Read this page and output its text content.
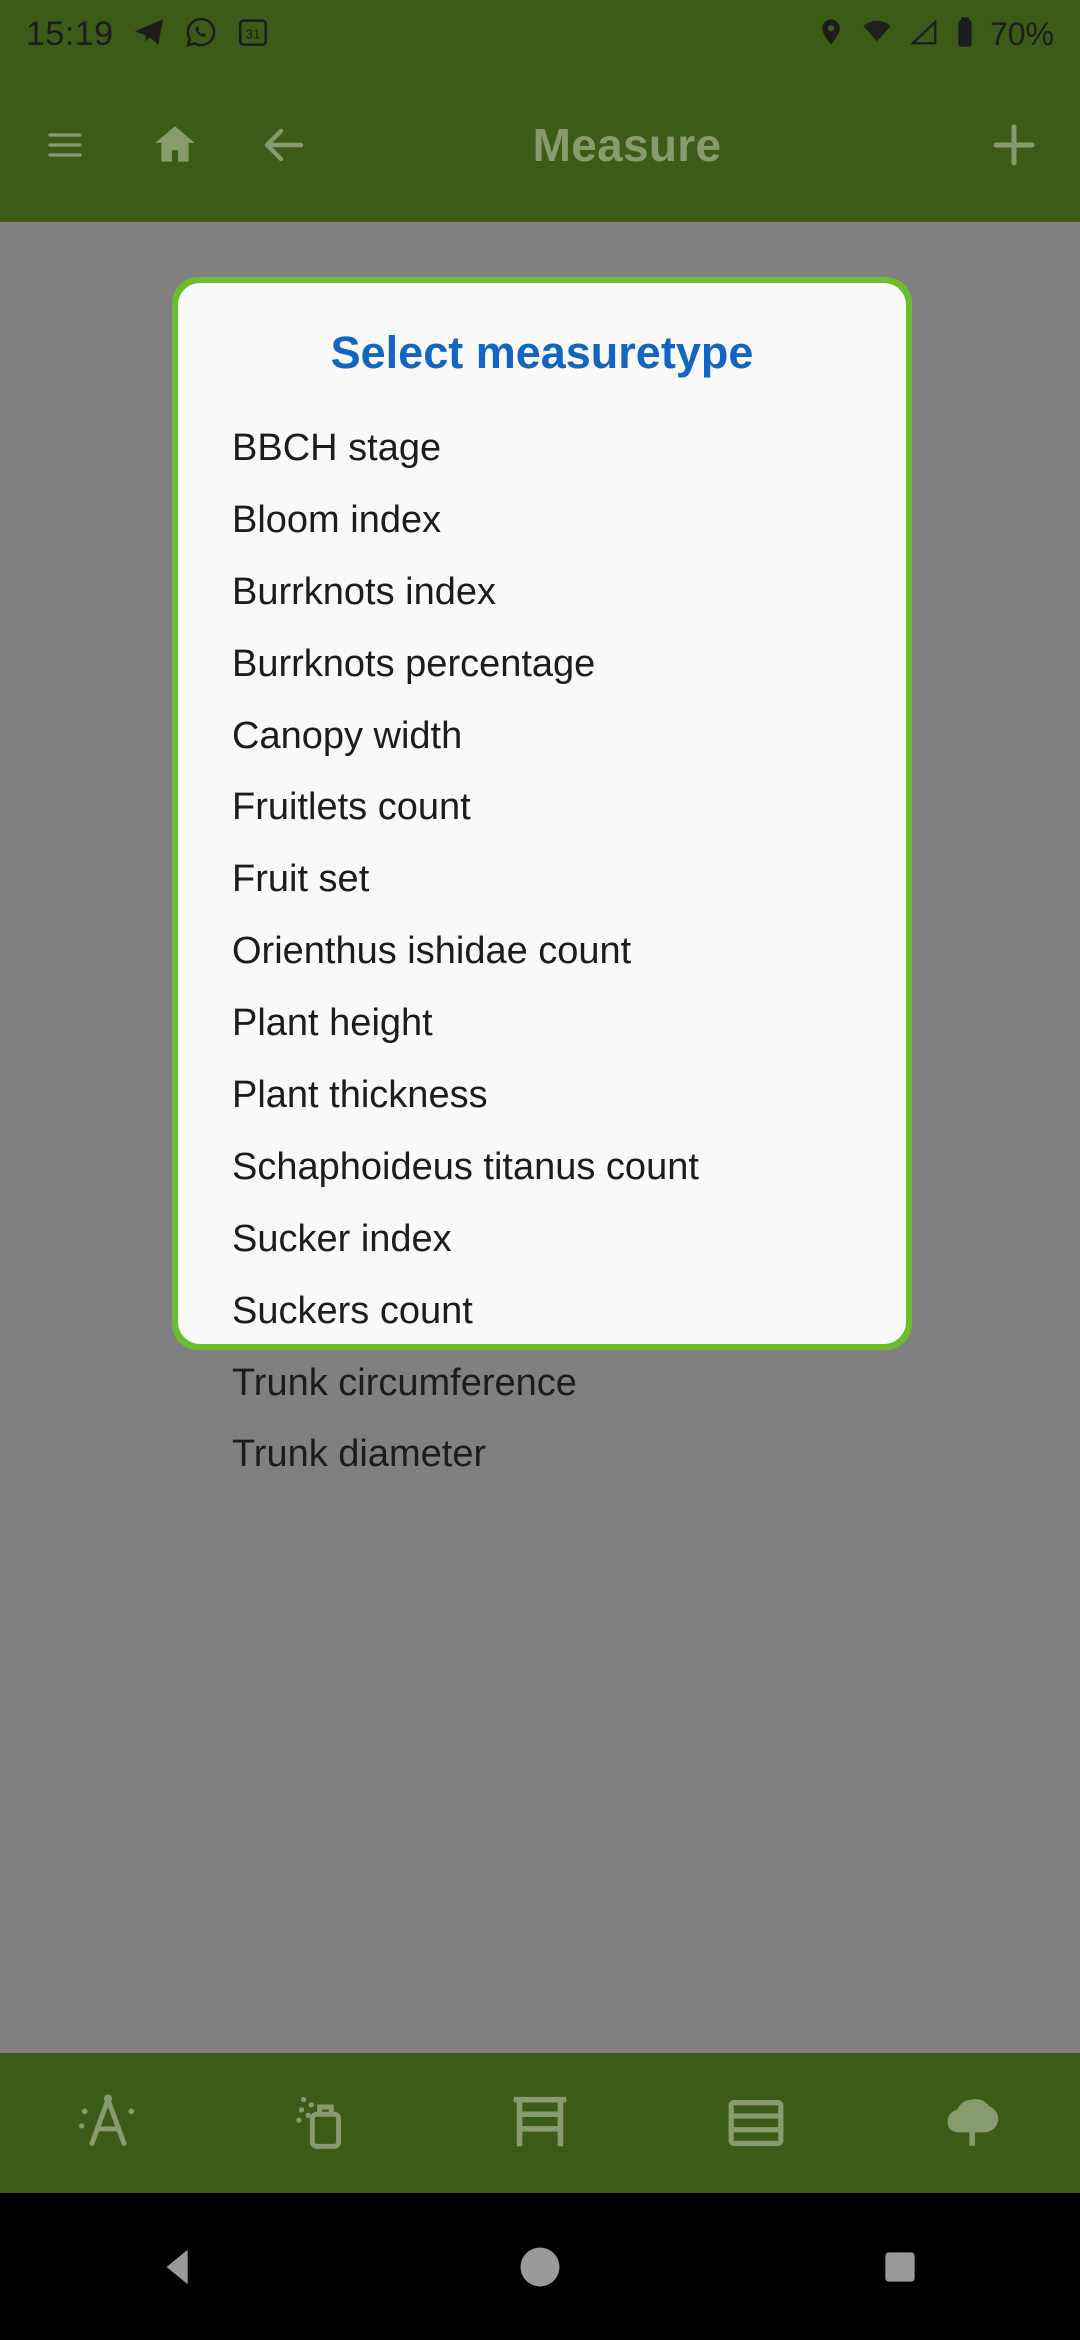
15:19	31	70%
Measure
Select measuretype
BBCH stage
Bloom index
Burrknots index
Burrknots percentage
Canopy width
Fruitlets count
Fruit set
Orienthus ishidae count
Plant height
Plant thickness
Schaphoideus titanus count
Sucker index
Suckers count
Trunk circumference
Trunk diameter
